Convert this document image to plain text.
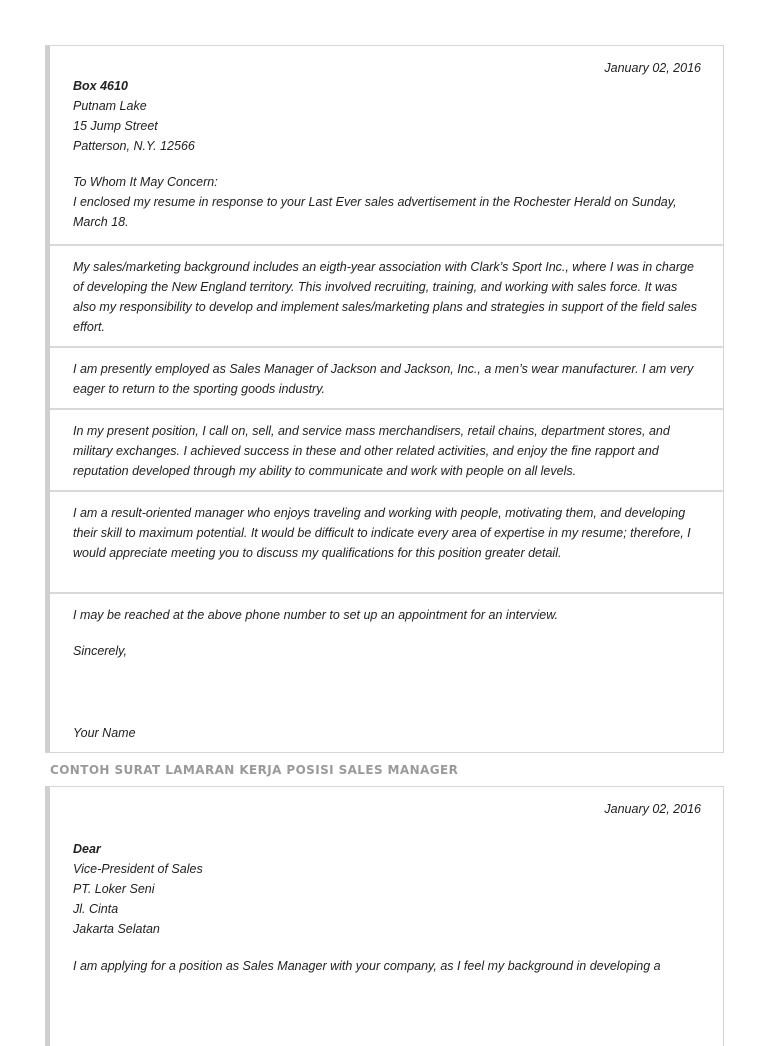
January 02, 2016
Box 4610
Putnam Lake
15 Jump Street
Patterson, N.Y. 12566
To Whom It May Concern:
I enclosed my resume in response to your Last Ever sales advertisement in the Rochester Herald on Sunday, March 18.

My sales/marketing background includes an eigth-year association with Clark’s Sport Inc., where I was in charge of developing the New England territory. This involved recruiting, training, and working with sales force. It was also my responsibility to develop and implement sales/marketing plans and strategies in support of the field sales effort.

I am presently employed as Sales Manager of Jackson and Jackson, Inc., a men’s wear manufacturer. I am very eager to return to the sporting goods industry.

In my present position, I call on, sell, and service mass merchandisers, retail chains, department stores, and military exchanges. I achieved success in these and other related activities, and enjoy the fine rapport and reputation developed through my ability to communicate and work with people on all levels.

I am a result-oriented manager who enjoys traveling and working with people, motivating them, and developing their skill to maximum potential. It would be difficult to indicate every area of expertise in my resume; therefore, I would appreciate meeting you to discuss my qualifications for this position greater detail.

I may be reached at the above phone number to set up an appointment for an interview.

Sincerely,

Your Name

CONTOH SURAT LAMARAN KERJA POSISI SALES MANAGER
January 02, 2016
Dear
Vice-President of Sales
PT. Loker Seni
Jl. Cinta
Jakarta Selatan
I am applying for a position as Sales Manager with your company, as I feel my background in developing a
